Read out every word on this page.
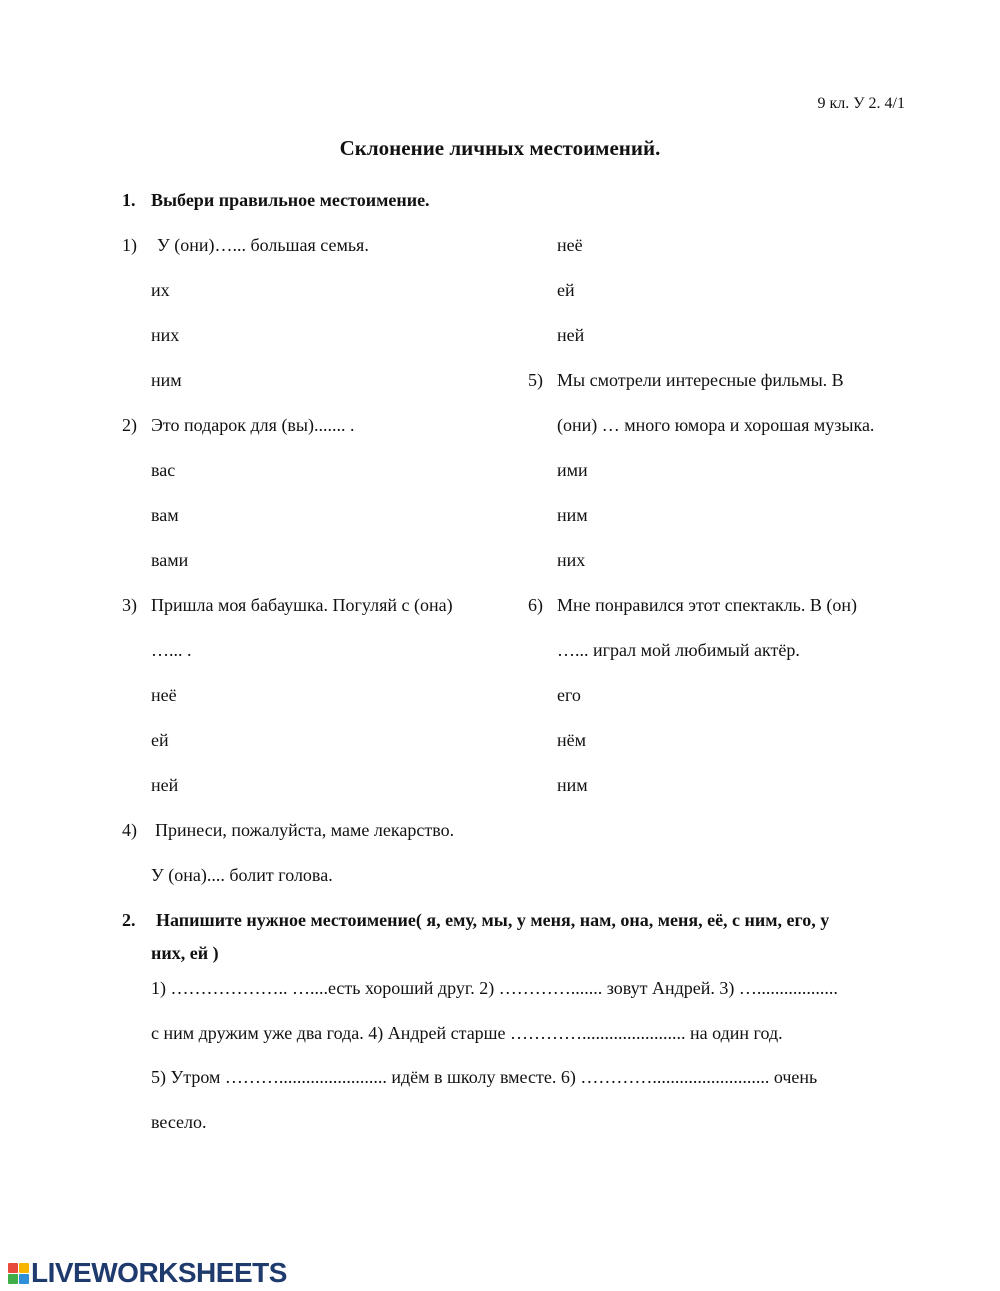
9 кл. У 2. 4/1
Склонение личных местоимений.
1. Выбери правильное местоимение.
1) У (они)…... большая семья.
их
них
ним
2) Это подарок для (вы)....... .
вас
вам
вами
3) Пришла моя бабаушка. Погуляй с (она)
…... .
неё
ей
ней
4) Принеси, пожалуйста, маме лекарство.
У (она).... болит голова.
неё
ей
ней
5) Мы смотрели интересные фильмы. В
(они) … много юмора и хорошая музыка.
ими
ним
них
6) Мне понравился этот спектакль. В (он)
…... играл мой любимый актёр.
его
нём
ним
2. Напишите нужное местоимение( я, ему, мы, у меня, нам, она, меня, её, с ним, его, у
них, ей )
1) ……………….. …....есть хороший друг. 2) …………....... зовут Андрей. 3) …..................
с ним дружим уже два года. 4) Андрей старше …………....................... на один год.
5) Утром ………........................ идём в школу вместе. 6) ………….......................... очень
весело.
LIVEWORKSHEETS
